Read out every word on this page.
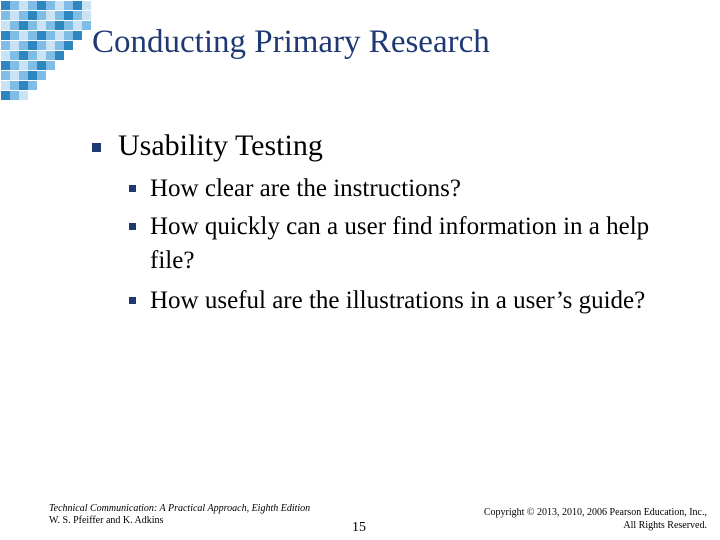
Conducting Primary Research
Usability Testing
How clear are the instructions?
How quickly can a user find information in a help file?
How useful are the illustrations in a user’s guide?
Technical Communication: A Practical Approach, Eighth Edition
W. S. Pfeiffer and K. Adkins	15
Copyright © 2013, 2010, 2006 Pearson Education, Inc.,
All Rights Reserved.
